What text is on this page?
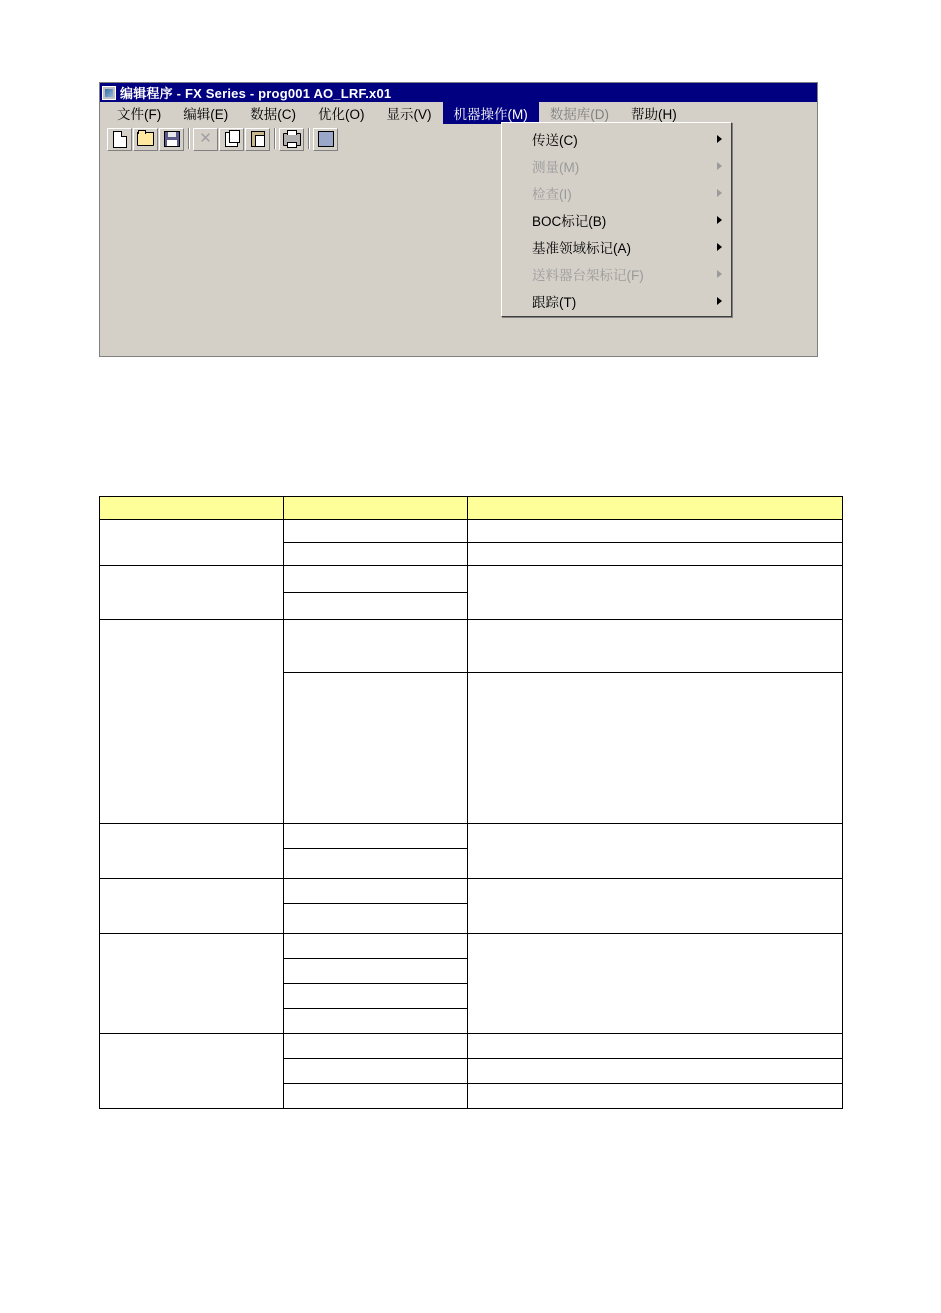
编辑程序 - FX Series - prog001 AO_LRF.x01
文件(F)	编辑(E)	数据(C)	优化(O)	显示(V)	机器操作(M)	数据库(D)	帮助(H)
✕	传送(C)
测量(M)
检查(I)
BOC标记(B)
基准领域标记(A)
送料器台架标记(F)
跟踪(T)
